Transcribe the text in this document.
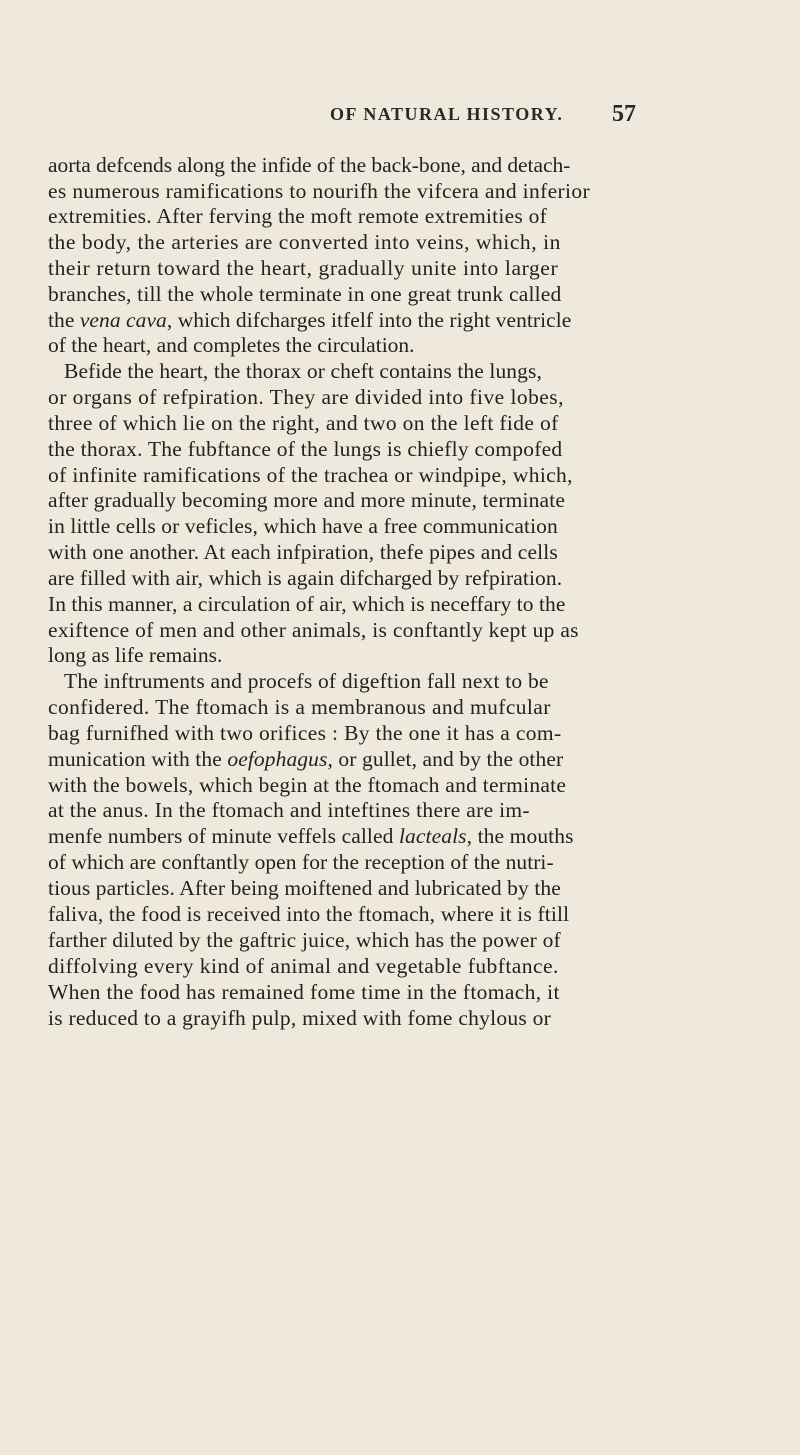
OF NATURAL HISTORY. 57
aorta defcends along the infide of the back-bone, and detach-
es numerous ramifications to nourifh the vifcera and inferior
extremities. After ferving the moft remote extremities of
the body, the arteries are converted into veins, which, in
their return toward the heart, gradually unite into larger
branches, till the whole terminate in one great trunk called
the vena cava, which difcharges itfelf into the right ventricle
of the heart, and completes the circulation.
Befide the heart, the thorax or cheft contains the lungs,
or organs of refpiration. They are divided into five lobes,
three of which lie on the right, and two on the left fide of
the thorax. The fubftance of the lungs is chiefly compofed
of infinite ramifications of the trachea or windpipe, which,
after gradually becoming more and more minute, terminate
in little cells or veficles, which have a free communication
with one another. At each infpiration, thefe pipes and cells
are filled with air, which is again difcharged by refpiration.
In this manner, a circulation of air, which is neceffary to the
exiftence of men and other animals, is conftantly kept up as
long as life remains.
The inftruments and procefs of digeftion fall next to be
confidered. The ftomach is a membranous and mufcular
bag furnifhed with two orifices : By the one it has a com-
munication with the oefophagus, or gullet, and by the other
with the bowels, which begin at the ftomach and terminate
at the anus. In the ftomach and inteftines there are im-
menfe numbers of minute veffels called lacteals, the mouths
of which are conftantly open for the reception of the nutri-
tious particles. After being moiftened and lubricated by the
faliva, the food is received into the ftomach, where it is ftill
farther diluted by the gaftric juice, which has the power of
diffolving every kind of animal and vegetable fubftance.
When the food has remained fome time in the ftomach, it
is reduced to a grayifh pulp, mixed with fome chylous or
